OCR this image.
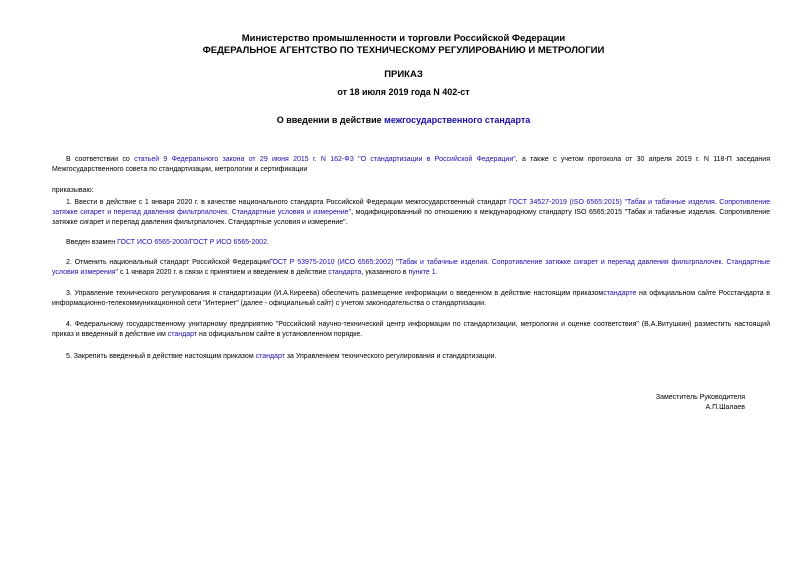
Министерство промышленности и торговли Российской Федерации
ФЕДЕРАЛЬНОЕ АГЕНТСТВО ПО ТЕХНИЧЕСКОМУ РЕГУЛИРОВАНИЮ И МЕТРОЛОГИИ
ПРИКАЗ
от 18 июля 2019 года N 402-ст
О введении в действие межгосударственного стандарта
В соответствии со статьей 9 Федерального закона от 29 июня 2015 г. N 162-ФЗ "О стандартизации в Российской Федерации", а также с учетом протокола от 30 апреля 2019 г. N 118-П заседания Межгосударственного совета по стандартизации, метрологии и сертификации
приказываю:
1. Ввести в действие с 1 января 2020 г. в качестве национального стандарта Российской Федерации межгосударственный стандарт ГОСТ 34527-2019 (ISO 6565:2015) "Табак и табачные изделия. Сопротивление затяжке сигарет и перепад давления фильтрпалочек. Стандартные условия и измерение", модифицированный по отношению к международному стандарту ISO 6565:2015 "Табак и табачные изделия. Сопротивление затяжке сигарет и перепад давления фильтрпалочек. Стандартные условия и измерение".
Введен взамен ГОСТ ИСО 6565-2003/ГОСТ Р ИСО 6565-2002.
2. Отменить национальный стандарт Российской ФедерацииГОСТ Р 53975-2010 (ИСО 6565:2002) "Табак и табачные изделия. Сопротивление затяжке сигарет и перепад давления фильтрпалочек. Стандартные условия измерения" с 1 января 2020 г. в связи с принятием и введением в действие стандарта, указанного в пункте 1.
3. Управление технического регулирования и стандартизации (И.А.Киреева) обеспечить размещение информации о введенном в действие настоящим приказомстандарте на официальном сайте Росстандарта в информационно-телекоммуникационной сети "Интернет" (далее - официальный сайт) с учетом законодательства о стандартизации.
4. Федеральному государственному унитарному предприятию "Российский научно-технический центр информации по стандартизации, метрологии и оценке соответствия" (В.А.Витушкин) разместить настоящий приказ и введенный в действие им стандарт на официальном сайте в установленном порядке.
5. Закрепить введенный в действие настоящим приказом стандарт за Управлением технического регулирования и стандартизации.
Заместитель Руководителя
А.П.Шалаев
